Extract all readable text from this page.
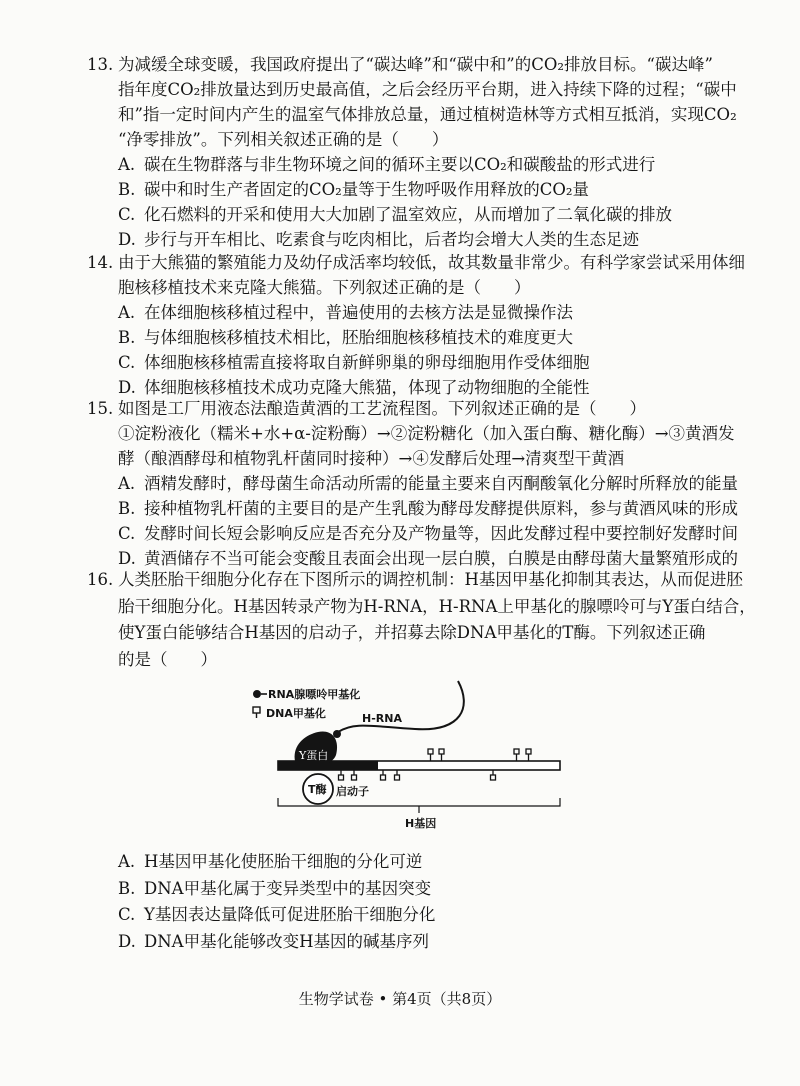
13. 为减缓全球变暖，我国政府提出了“碳达峰”和“碳中和”的CO₂排放目标。“碳达峰”
指年度CO₂排放量达到历史最高值，之后会经历平台期，进入持续下降的过程；“碳中
和”指一定时间内产生的温室气体排放总量，通过植树造林等方式相互抵消，实现CO₂
“净零排放”。下列相关叙述正确的是（　　）
A. 碳在生物群落与非生物环境之间的循环主要以CO₂和碳酸盐的形式进行
B. 碳中和时生产者固定的CO₂量等于生物呼吸作用释放的CO₂量
C. 化石燃料的开采和使用大大加剧了温室效应，从而增加了二氧化碳的排放
D. 步行与开车相比、吃素食与吃肉相比，后者均会增大人类的生态足迹
14. 由于大熊猫的繁殖能力及幼仔成活率均较低，故其数量非常少。有科学家尝试采用体细
胞核移植技术来克隆大熊猫。下列叙述正确的是（　　）
A. 在体细胞核移植过程中，普遍使用的去核方法是显微操作法
B. 与体细胞核移植技术相比，胚胎细胞核移植技术的难度更大
C. 体细胞核移植需直接将取自新鲜卵巢的卵母细胞用作受体细胞
D. 体细胞核移植技术成功克隆大熊猫，体现了动物细胞的全能性
15. 如图是工厂用液态法酿造黄酒的工艺流程图。下列叙述正确的是（　　）
①淀粉液化（糯米+水+α-淀粉酶）→②淀粉糖化（加入蛋白酶、糖化酶）→③黄酒发
酵（酿酒酵母和植物乳杆菌同时接种）→④发酵后处理→清爽型干黄酒
A. 酒精发酵时，酵母菌生命活动所需的能量主要来自丙酮酸氧化分解时所释放的能量
B. 接种植物乳杆菌的主要目的是产生乳酸为酵母发酵提供原料，参与黄酒风味的形成
C. 发酵时间长短会影响反应是否充分及产物量等，因此发酵过程中要控制好发酵时间
D. 黄酒储存不当可能会变酸且表面会出现一层白膜，白膜是由酵母菌大量繁殖形成的
16. 人类胚胎干细胞分化存在下图所示的调控机制：H基因甲基化抑制其表达，从而促进胚
胎干细胞分化。H基因转录产物为H-RNA，H-RNA上甲基化的腺嘌呤可与Y蛋白结合，
使Y蛋白能够结合H基因的启动子，并招募去除DNA甲基化的T酶。下列叙述正确
的是（　　）
RNA腺嘌呤甲基化
DNA甲基化	H-RNA
Y蛋白
T酶 启动子
H基因
A. H基因甲基化使胚胎干细胞的分化可逆
B. DNA甲基化属于变异类型中的基因突变
C. Y基因表达量降低可促进胚胎干细胞分化
D. DNA甲基化能够改变H基因的碱基序列
生物学试卷 • 第4页（共8页）
